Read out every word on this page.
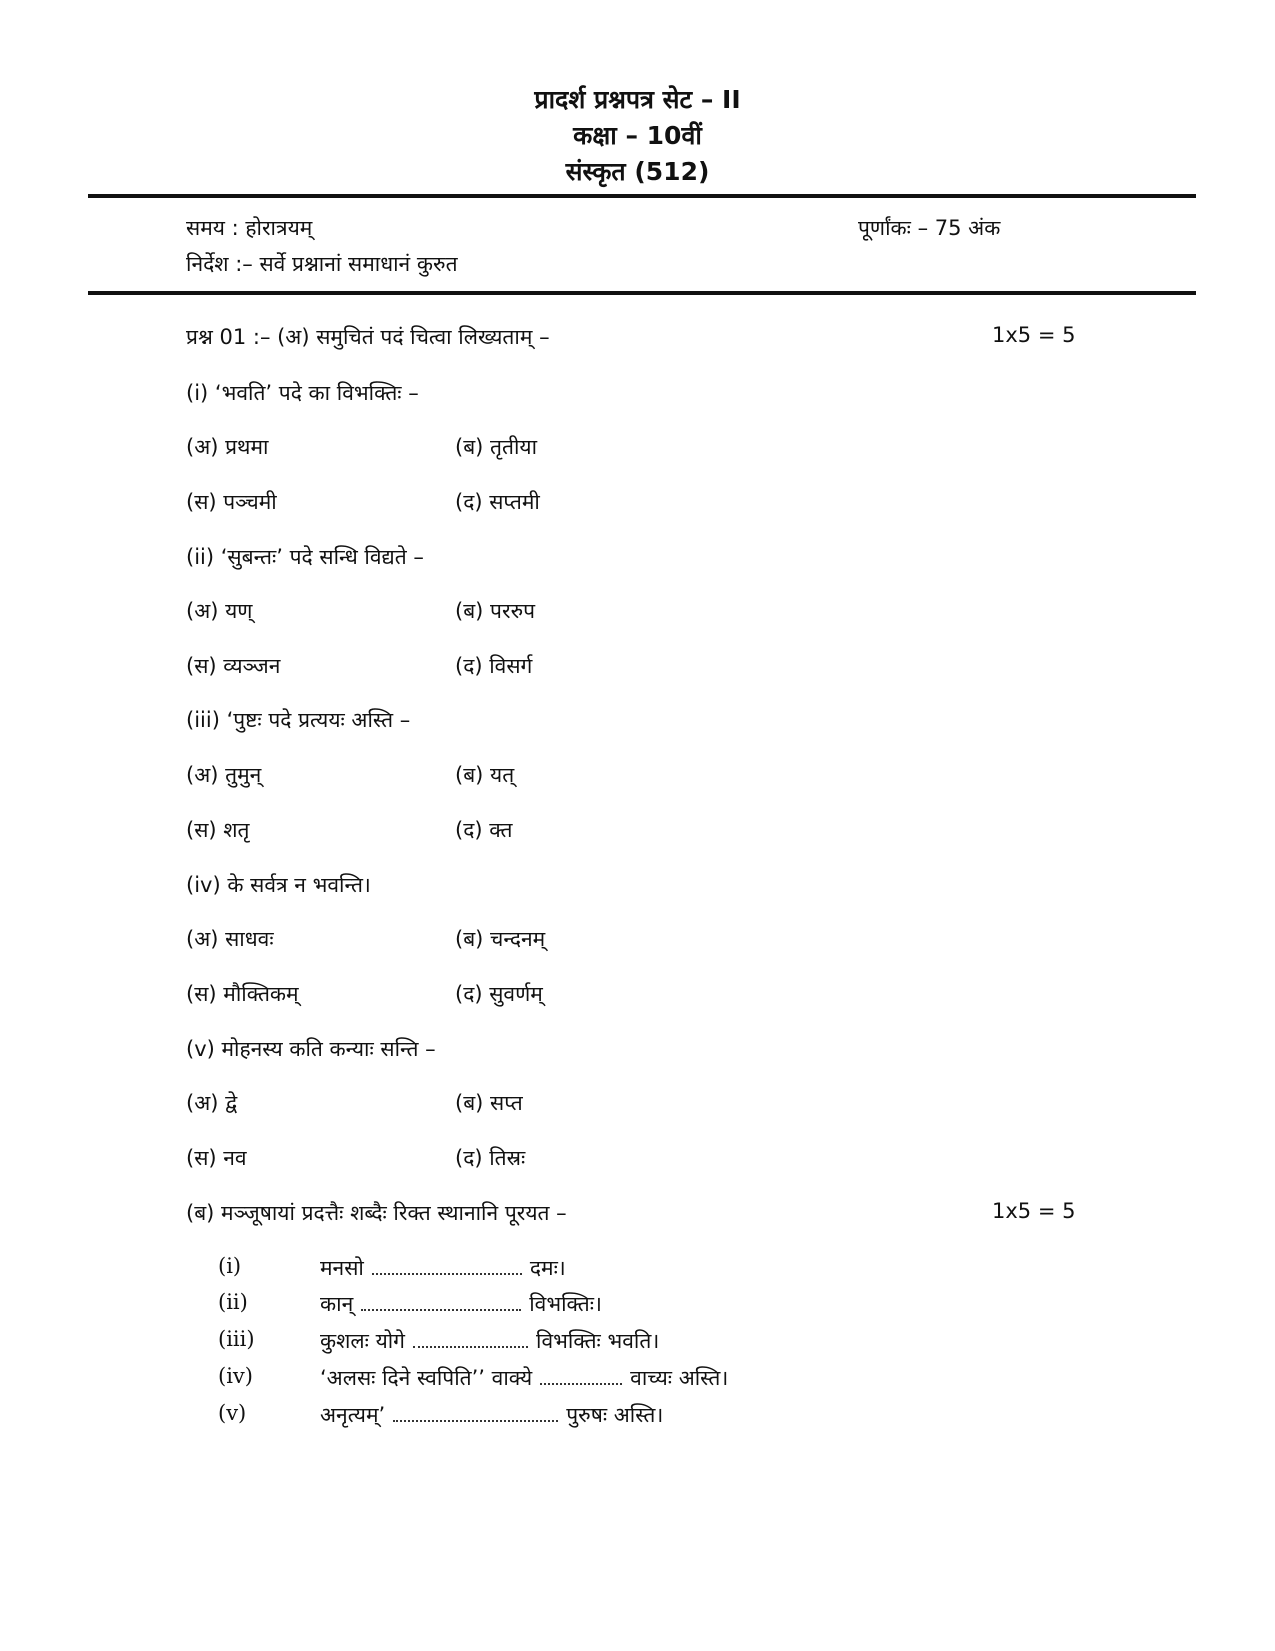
प्रादर्श प्रश्नपत्र सेट – II
कक्षा – 10वीं
संस्कृत (512)
समय : होरात्रयम्	पूर्णांकः – 75 अंक
निर्देश :– सर्वे प्रश्नानां समाधानं कुरुत
प्रश्न 01 :– (अ) समुचितं पदं चित्वा लिख्यताम् –	1x5 = 5
(i) ‘भवति’ पदे का विभक्तिः –
(अ) प्रथमा	(ब) तृतीया
(स) पञ्चमी	(द) सप्तमी
(ii) ‘सुबन्तः’ पदे सन्धि विद्यते –
(अ) यण्	(ब) पररुप
(स) व्यञ्जन	(द) विसर्ग
(iii) ‘पुष्टः पदे प्रत्ययः अस्ति –
(अ) तुमुन्	(ब) यत्
(स) शतृ	(द) क्त
(iv) के सर्वत्र न भवन्ति।
(अ) साधवः	(ब) चन्दनम्
(स) मौक्तिकम्	(द) सुवर्णम्
(v) मोहनस्य कति कन्याः सन्ति –
(अ) द्वे	(ब) सप्त
(स) नव	(द) तिस्रः
(ब) मञ्जूषायां प्रदत्तैः शब्दैः रिक्त स्थानानि पूरयत –	1x5 = 5
(i)	मनसो	दमः।
(ii)	कान्	विभक्तिः।
(iii)	कुशलः योगे	विभक्तिः भवति।
(iv)	‘अलसः दिने स्वपिति’’ वाक्ये	वाच्यः अस्ति।
(v)	अनृत्यम्’	पुरुषः अस्ति।
